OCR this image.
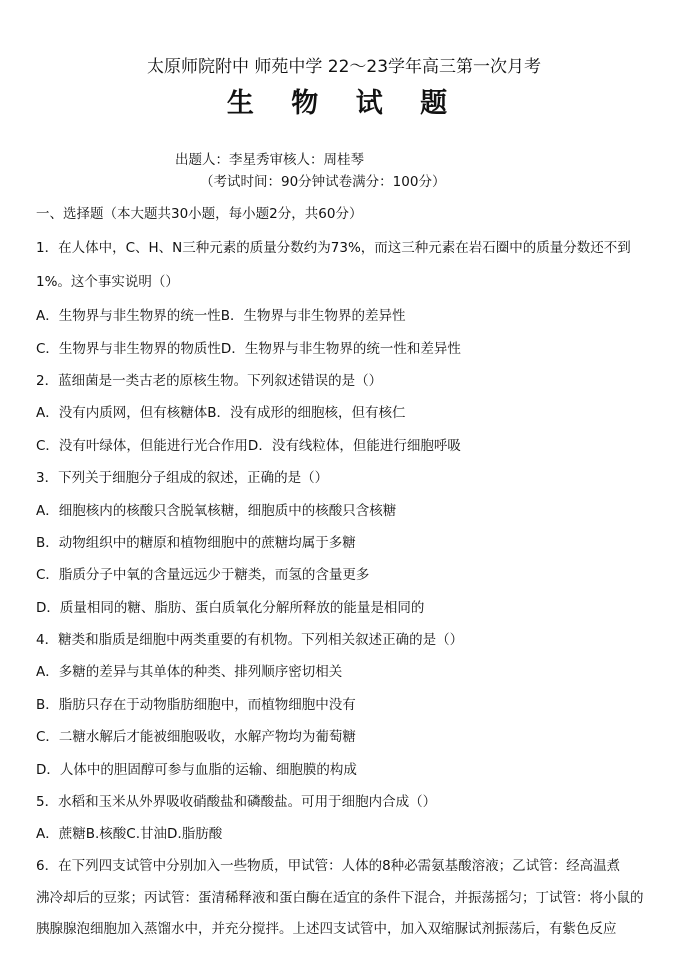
太原师院附中 师苑中学 22～23学年高三第一次月考
生 物 试 题
出题人：李星秀审核人：周桂琴
（考试时间：90分钟试卷满分：100分）
一、选择题（本大题共30小题，每小题2分，共60分）
1．在人体中，C、H、N三种元素的质量分数约为73%，而这三种元素在岩石圈中的质量分数还不到
1%。这个事实说明（）
A．生物界与非生物界的统一性B．生物界与非生物界的差异性
C．生物界与非生物界的物质性D．生物界与非生物界的统一性和差异性
2．蓝细菌是一类古老的原核生物。下列叙述错误的是（）
A．没有内质网，但有核糖体B．没有成形的细胞核，但有核仁
C．没有叶绿体，但能进行光合作用D．没有线粒体，但能进行细胞呼吸
3．下列关于细胞分子组成的叙述，正确的是（）
A．细胞核内的核酸只含脱氧核糖，细胞质中的核酸只含核糖
B．动物组织中的糖原和植物细胞中的蔗糖均属于多糖
C．脂质分子中氧的含量远远少于糖类，而氢的含量更多
D．质量相同的糖、脂肪、蛋白质氧化分解所释放的能量是相同的
4．糖类和脂质是细胞中两类重要的有机物。下列相关叙述正确的是（）
A．多糖的差异与其单体的种类、排列顺序密切相关
B．脂肪只存在于动物脂肪细胞中，而植物细胞中没有
C．二糖水解后才能被细胞吸收，水解产物均为葡萄糖
D．人体中的胆固醇可参与血脂的运输、细胞膜的构成
5．水稻和玉米从外界吸收硝酸盐和磷酸盐。可用于细胞内合成（）
A．蔗糖B.核酸C.甘油D.脂肪酸
6．在下列四支试管中分别加入一些物质，甲试管：人体的8种必需氨基酸溶液；乙试管：经高温煮
沸冷却后的豆浆；丙试管：蛋清稀释液和蛋白酶在适宜的条件下混合，并振荡摇匀；丁试管：将小鼠的
胰腺腺泡细胞加入蒸馏水中，并充分搅拌。上述四支试管中，加入双缩脲试剂振荡后，有紫色反应
